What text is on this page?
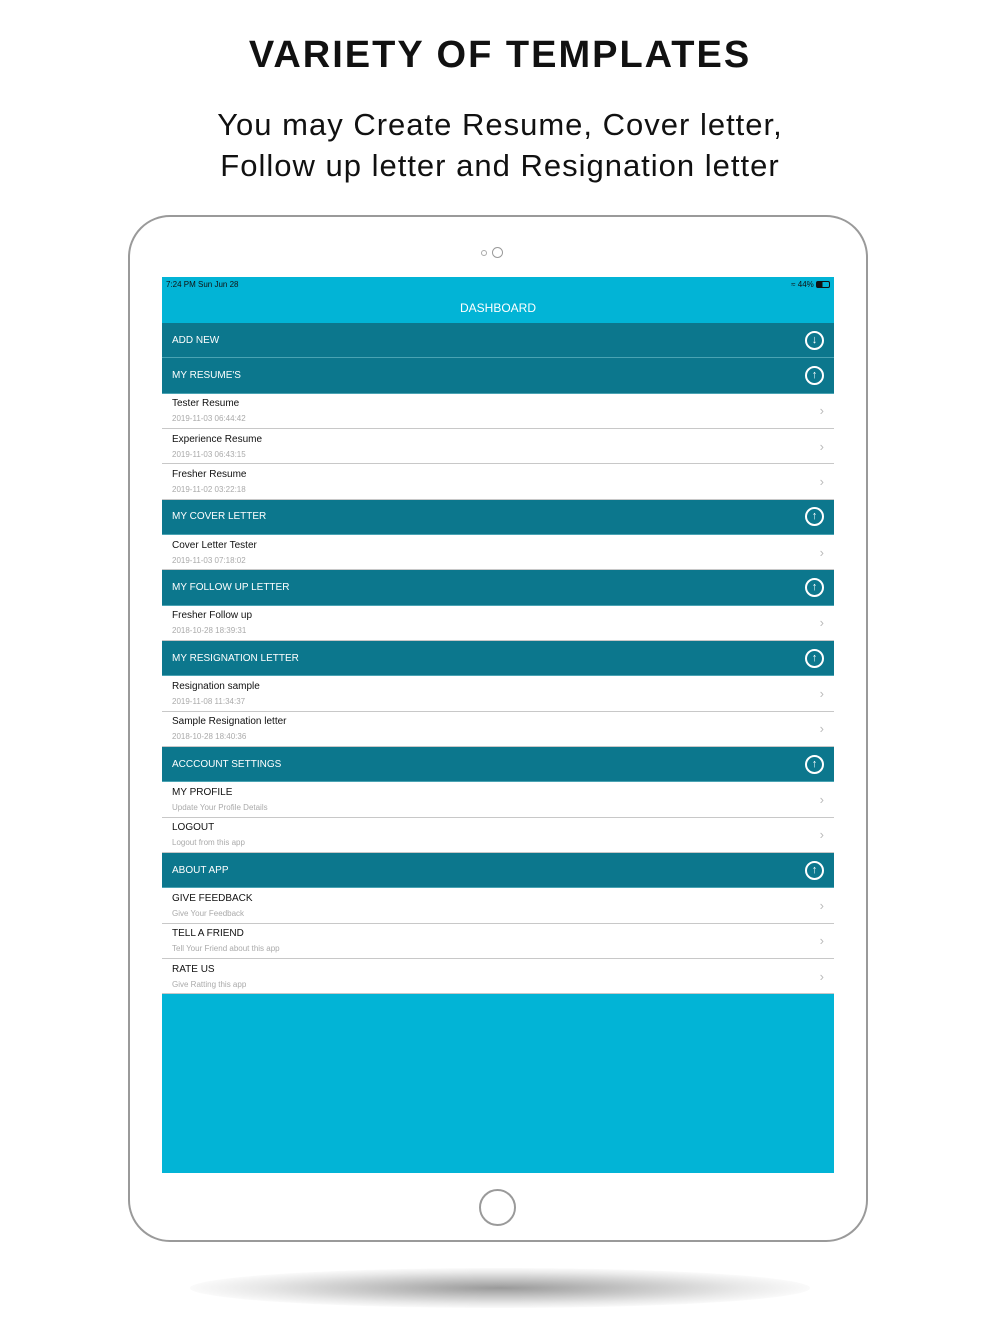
VARIETY OF TEMPLATES
You may Create Resume, Cover letter,
Follow up letter and Resignation letter
7:24 PM Sun Jun 28	≈ 44%
DASHBOARD
ADD NEW	↓
MY RESUME'S	↑
Tester Resume
2019-11-03 06:44:42
›
Experience Resume
2019-11-03 06:43:15
›
Fresher Resume
2019-11-02 03:22:18
›
MY COVER LETTER	↑
Cover Letter Tester
2019-11-03 07:18:02
›
MY FOLLOW UP LETTER	↑
Fresher Follow up
2018-10-28 18:39:31
›
MY RESIGNATION LETTER	↑
Resignation sample
2019-11-08 11:34:37
›
Sample Resignation letter
2018-10-28 18:40:36
›
ACCCOUNT SETTINGS	↑
MY PROFILE
Update Your Profile Details
›
LOGOUT
Logout from this app
›
ABOUT APP	↑
GIVE FEEDBACK
Give Your Feedback
›
TELL A FRIEND
Tell Your Friend about this app
›
RATE US
Give Ratting this app
›
